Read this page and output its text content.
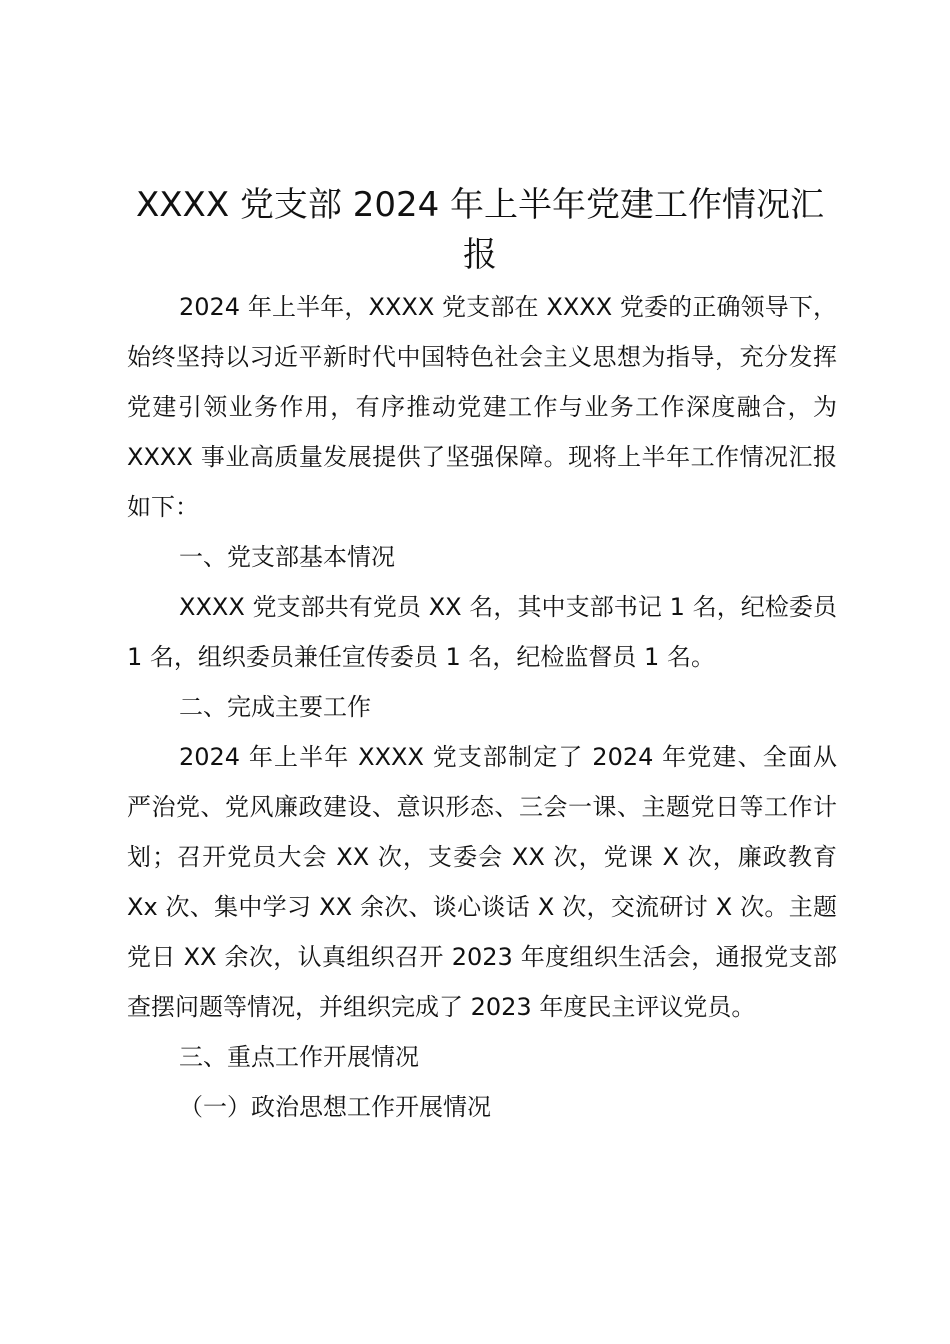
XXXX 党支部 2024 年上半年党建工作情况汇报

2024 年上半年，XXXX 党支部在 XXXX 党委的正确领导下，始终坚持以习近平新时代中国特色社会主义思想为指导，充分发挥党建引领业务作用，有序推动党建工作与业务工作深度融合，为 XXXX 事业高质量发展提供了坚强保障。现将上半年工作情况汇报如下：

一、党支部基本情况

XXXX 党支部共有党员 XX 名，其中支部书记 1 名，纪检委员 1 名，组织委员兼任宣传委员 1 名，纪检监督员 1 名。

二、完成主要工作

2024 年上半年 XXXX 党支部制定了 2024 年党建、全面从严治党、党风廉政建设、意识形态、三会一课、主题党日等工作计划；召开党员大会 XX 次，支委会 XX 次，党课 X 次，廉政教育 Xx 次、集中学习 XX 余次、谈心谈话 X 次，交流研讨 X 次。主题党日 XX 余次，认真组织召开 2023 年度组织生活会，通报党支部查摆问题等情况，并组织完成了 2023 年度民主评议党员。

三、重点工作开展情况

（一）政治思想工作开展情况
